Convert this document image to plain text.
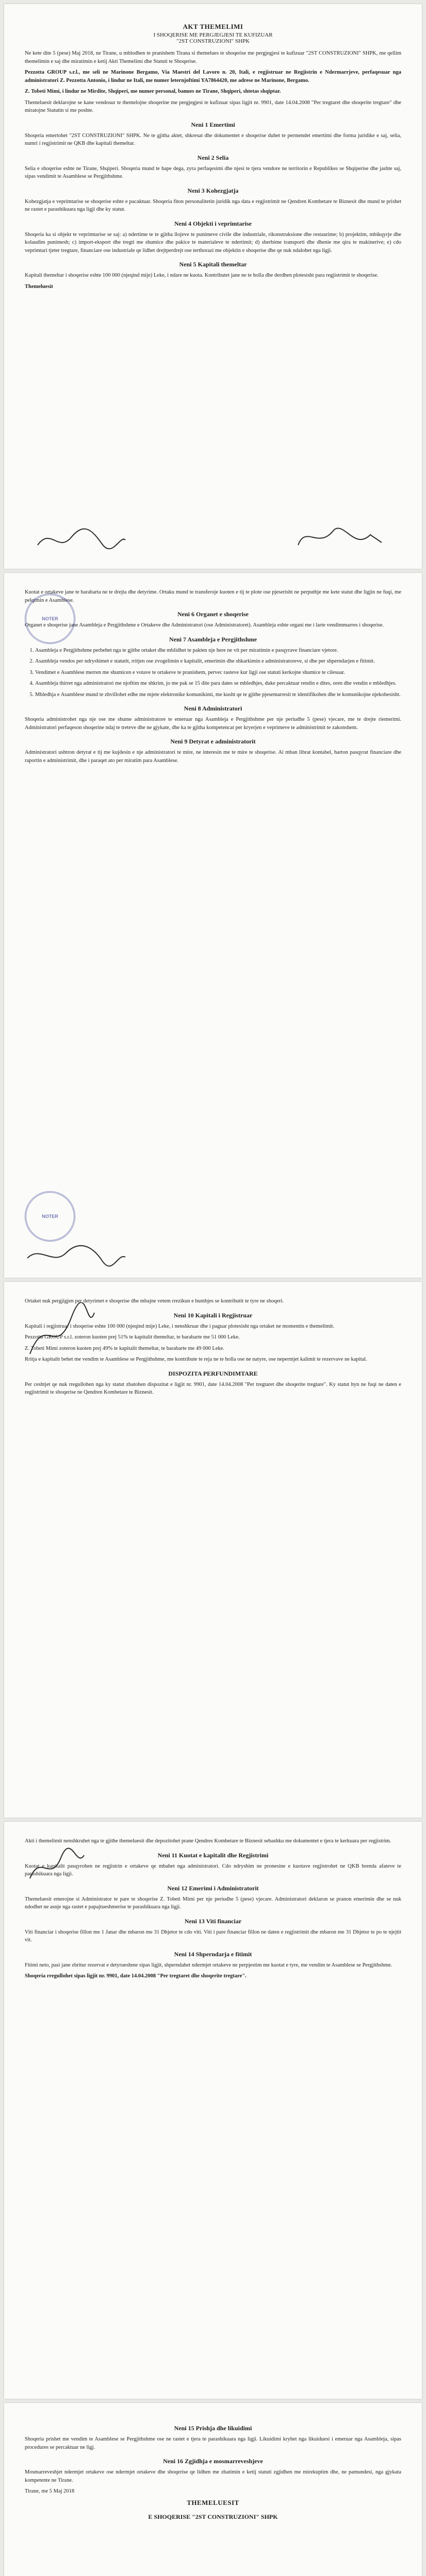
AKT THEMELIMI
I SHOQERISE ME PERGJEGJESI TE KUFIZUAR
"2ST CONSTRUZIONI" SHPK

Ne kete dite 5 (pese) Maj 2018, ne Tirane, u mblodhen te pranishem Tirana si themelues te shoqerise me pergjegjesi te kufizuar "2ST CONSTRUZIONI" SHPK, me qellim themelimin e saj dhe miratimin e ketij Akti Themelimi dhe Statuti te Shoqerise.

Pezzotta GROUP s.r.l., me seli ne Marinone Bergamo, Via Maestri del Lavoro n. 20, Itali, e regjistruar ne Regjistrin e Ndermarrjeve, perfaqesuar nga administratori Z. Pezzotta Antonio, i lindur ne Itali, me numer leternjoftimi YA7864420, me adrese ne Marinone, Bergamo.

Z. Tobeti Mimi, i lindur ne Mirdite, Shqiperi, me numer personal, banues ne Tirane, Shqiperi, shtetas shqiptar.

Themeluesit deklarojne se kane vendosur te themelojne shoqerine me pergjegjesi te kufizuar sipas ligjit nr. 9901, date 14.04.2008 "Per tregtaret dhe shoqerite tregtare" dhe miratojne Statutin si me poshte.

Neni 1 Emertimi

Shoqeria emertohet "2ST CONSTRUZIONI" SHPK. Ne te gjitha aktet, shkresat dhe dokumentet e shoqerise duhet te permendet emertimi dhe forma juridike e saj, selia, numri i regjistrimit ne QKB dhe kapitali themeltar.

Neni 2 Selia

Selia e shoqerise eshte ne Tirane, Shqiperi. Shoqeria mund te hape dega, zyra perfaqesimi dhe njesi te tjera vendore ne territorin e Republikes se Shqiperise dhe jashte saj, sipas vendimit te Asamblese se Pergjithshme.

Neni 3 Kohezgjatja

Kohezgjatja e veprimtarise se shoqerise eshte e pacaktuar. Shoqeria fiton personalitetin juridik nga data e regjistrimit ne Qendren Kombetare te Biznesit dhe mund te prishet ne rastet e parashikuara nga ligji dhe ky statut.

Neni 4 Objekti i veprimtarise

Shoqeria ka si objekt te veprimtarise se saj: a) ndertime te te gjitha llojeve te punimeve civile dhe industriale, rikonstruksione dhe restaurime; b) projektim, mbikqyrje dhe kolaudim punimesh; c) import-eksport dhe tregti me shumice dhe pakice te materialeve te ndertimit; d) sherbime transporti dhe dhenie me qira te makinerive; e) cdo veprimtari tjeter tregtare, financiare ose industriale qe lidhet drejtperdrejt ose terthorazi me objektin e shoqerise dhe qe nuk ndalohet nga ligji.

Neni 5 Kapitali themeltar

Kapitali themeltar i shoqerise eshte 100 000 (njeqind mije) Leke, i ndare ne kuota. Kontributet jane ne te holla dhe derdhen plotesisht para regjistrimit te shoqerise.

Themeluesit

Kuotat e ortakeve jane te barabarta ne te drejta dhe detyrime. Ortaku mund te transferoje kuoten e tij te plote ose pjeserisht ne perputhje me kete statut dhe ligjin ne fuqi, me pelqimin e Asamblese.

Neni 6 Organet e shoqerise

Organet e shoqerise jane Asambleja e Pergjithshme e Ortakeve dhe Administratori (ose Administratoret). Asambleja eshte organi me i larte vendimmarres i shoqerise.

Neni 7 Asambleja e Pergjithshme
1. Asambleja e Pergjithshme perbehet nga te gjithe ortaket dhe mblidhet te pakten nje here ne vit per miratimin e pasqyrave financiare vjetore.
2. Asambleja vendos per ndryshimet e statutit, rritjen ose zvogelimin e kapitalit, emerimin dhe shkarkimin e administratoreve, si dhe per shperndarjen e fitimit.
3. Vendimet e Asamblese merren me shumicen e votave te ortakeve te pranishem, pervec rasteve kur ligji ose statuti kerkojne shumice te cilesuar.
4. Asambleja thirret nga administratori me njoftim me shkrim, jo me pak se 15 dite para dates se mbledhjes, duke percaktuar rendin e dites, oren dhe vendin e mbledhjes.
5. Mbledhja e Asamblese mund te zhvillohet edhe me mjete elektronike komunikimi, me kusht qe te gjithe pjesemarresit te identifikohen dhe te komunikojne njekohesisht.
Neni 8 Administratori

Shoqeria administrohet nga nje ose me shume administratore te emeruar nga Asambleja e Pergjithshme per nje periudhe 5 (pese) vjecare, me te drejte riemerimi. Administratori perfaqeson shoqerine ndaj te treteve dhe ne gjykate, dhe ka te gjitha kompetencat per kryerjen e veprimeve te administrimit te zakonshem.

Neni 9 Detyrat e administratorit

Administratori ushtron detyrat e tij me kujdesin e nje administratori te mire, ne interesin me te mire te shoqerise. Ai mban librat kontabel, harton pasqyrat financiare dhe raportin e administrimit, dhe i paraqet ato per miratim para Asamblese.

NOTER
NOTER

Ortaket nuk pergjigjen per detyrimet e shoqerise dhe mbajne vetem rrezikun e humbjes se kontributit te tyre ne shoqeri.

Neni 10 Kapitali i Regjistruar

Kapitali i regjistruar i shoqerise eshte 100 000 (njeqind mije) Leke, i nenshkruar dhe i paguar plotesisht nga ortaket ne momentin e themelimit.

Pezzotta GROUP s.r.l. zoteron kuoten prej 51% te kapitalit themeltar, te barabarte me 51 000 Leke.

Z. Tobeti Mimi zoteron kuoten prej 49% te kapitalit themeltar, te barabarte me 49 000 Leke.

Rritja e kapitalit behet me vendim te Asamblese se Pergjithshme, me kontribute te reja ne te holla ose ne natyre, ose nepermjet kalimit te rezervave ne kapital.

DISPOZITA PERFUNDIMTARE

Per ceshtjet qe nuk rregullohen nga ky statut zbatohen dispozitat e ligjit nr. 9901, date 14.04.2008 "Per tregtaret dhe shoqerite tregtare". Ky statut hyn ne fuqi ne daten e regjistrimit te shoqerise ne Qendren Kombetare te Biznesit.

Akti i themelimit nenshkruhet nga te gjithe themeluesit dhe depozitohet prane Qendres Kombetare te Biznesit sebashku me dokumentet e tjera te kerkuara per regjistrim.

Neni 11 Kuotat e kapitalit dhe Regjistrimi

Kuotat e kapitalit pasqyrohen ne regjistrin e ortakeve qe mbahet nga administratori. Cdo ndryshim ne pronesine e kuotave regjistrohet ne QKB brenda afateve te parashikuara nga ligji.

Neni 12 Emerimi i Administratorit

Themeluesit emerojne si Administrator te pare te shoqerise Z. Tobeti Mimi per nje periudhe 5 (pese) vjecare. Administratori deklaron se pranon emerimin dhe se nuk ndodhet ne asnje nga rastet e papajtueshmerise te parashikuara nga ligji.

Neni 13 Viti financiar

Viti financiar i shoqerise fillon me 1 Janar dhe mbaron me 31 Dhjetor te cdo viti. Viti i pare financiar fillon ne daten e regjistrimit dhe mbaron me 31 Dhjetor te po te njejtit vit.

Neni 14 Shperndarja e fitimit

Fitimi neto, pasi jane zbritur rezervat e detyrueshme sipas ligjit, shperndahet ndermjet ortakeve ne perpjestim me kuotat e tyre, me vendim te Asamblese se Pergjithshme.

Shoqeria rregullohet sipas ligjit nr. 9901, date 14.04.2008 "Per tregtaret dhe shoqerite tregtare".

Neni 15 Prishja dhe likuidimi

Shoqeria prishet me vendim te Asamblese se Pergjithshme ose ne rastet e tjera te parashikuara nga ligji. Likuidimi kryhet nga likuiduesi i emeruar nga Asambleja, sipas procedures se percaktuar ne ligj.

Neni 16 Zgjidhja e mosmarreveshjeve

Mosmarreveshjet ndermjet ortakeve ose ndermjet ortakeve dhe shoqerise qe lidhen me zbatimin e ketij statuti zgjidhen me mirekuptim dhe, ne pamundesi, nga gjykata kompetente ne Tirane.

Tirane, me 5 Maj 2018

THEMELUESIT
E SHOQERISE "2ST CONSTRUZIONI" SHPK
